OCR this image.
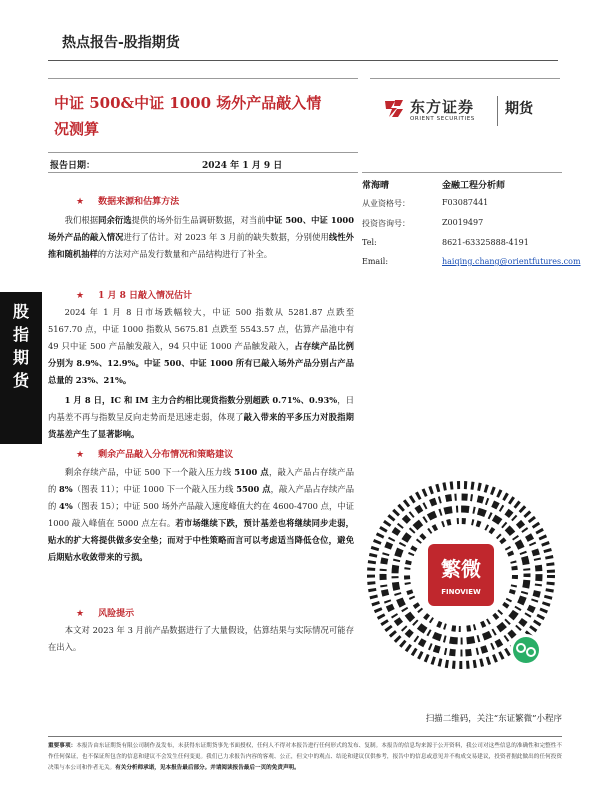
热点报告-股指期货
中证 500&中证 1000 场外产品敲入情
况测算
东方证券
ORIENT SECURITIES
期货
报告日期：	2024 年 1 月 9 日
股
指
期
货
★ 数据来源和估算方法
  我们根据同余衍选提供的场外衍生品调研数据，对当前中证 500、中证 1000 场外产品的敲入情况进行了估计。对 2023 年 3 月前的缺失数据，分别使用线性外推和随机抽样的方法对产品发行数量和产品结构进行了补全。
★ 1 月 8 日敲入情况估计
  2024 年 1 月 8 日市场跌幅较大，中证 500 指数从 5281.87 点跌至 5167.70 点，中证 1000 指数从 5675.81 点跌至 5543.57 点，估算产品池中有 49 只中证 500 产品触发敲入，94 只中证 1000 产品触发敲入，占存续产品比例分别为 8.9%、12.9%。中证 500、中证 1000 所有已敲入场外产品分别占产品总量的 23%、21%。
  1 月 8 日，IC 和 IM 主力合约相比现货指数分别超跌 0.71%、0.93%，日内基差不再与指数呈反向走势而是迅速走弱，体现了敲入带来的平多压力对股指期货基差产生了显著影响。
★ 剩余产品敲入分布情况和策略建议
  剩余存续产品，中证 500 下一个敲入压力线 5100 点，敲入产品占存续产品的 8%（图表 11）；中证 1000 下一个敲入压力线 5500 点，敲入产品占存续产品的 4%（图表 15）；中证 500 场外产品敲入速度峰值大约在 4600-4700 点，中证 1000 敲入峰值在 5000 点左右。若市场继续下跌，预计基差也将继续同步走弱，贴水的扩大将提供做多安全垫；而对于中性策略而言可以考虑适当降低仓位，避免后期贴水收敛带来的亏损。
★ 风险提示
  本文对 2023 年 3 月前产品数据进行了大量假设，估算结果与实际情况可能存在出入。
常海晴	金融工程分析师
从业资格号：	F03087441
投资咨询号：	Z0019497
Tel:	8621-63325888-4191
Email:	haiqing.chang@orientfutures.com
繁微
FINOVIEW
扫描二维码，关注“东证繁微”小程序
重要事项：本报告由东证期货有限公司制作及发布，未获得东证期货事先书面授权，任何人不得对本报告进行任何形式的发布、复制。本报告的信息均来源于公开资料，我公司对这些信息的准确性和完整性不作任何保证，也不保证所包含的信息和建议不会发生任何变更。我们已力求报告内容的客观、公正，但文中的观点、结论和建议仅供参考，报告中的信息或意见并不构成交易建议，投资者据此做出的任何投资决策与本公司和作者无关。有关分析师承诺，见本报告最后部分。并请阅读报告最后一页的免责声明。
